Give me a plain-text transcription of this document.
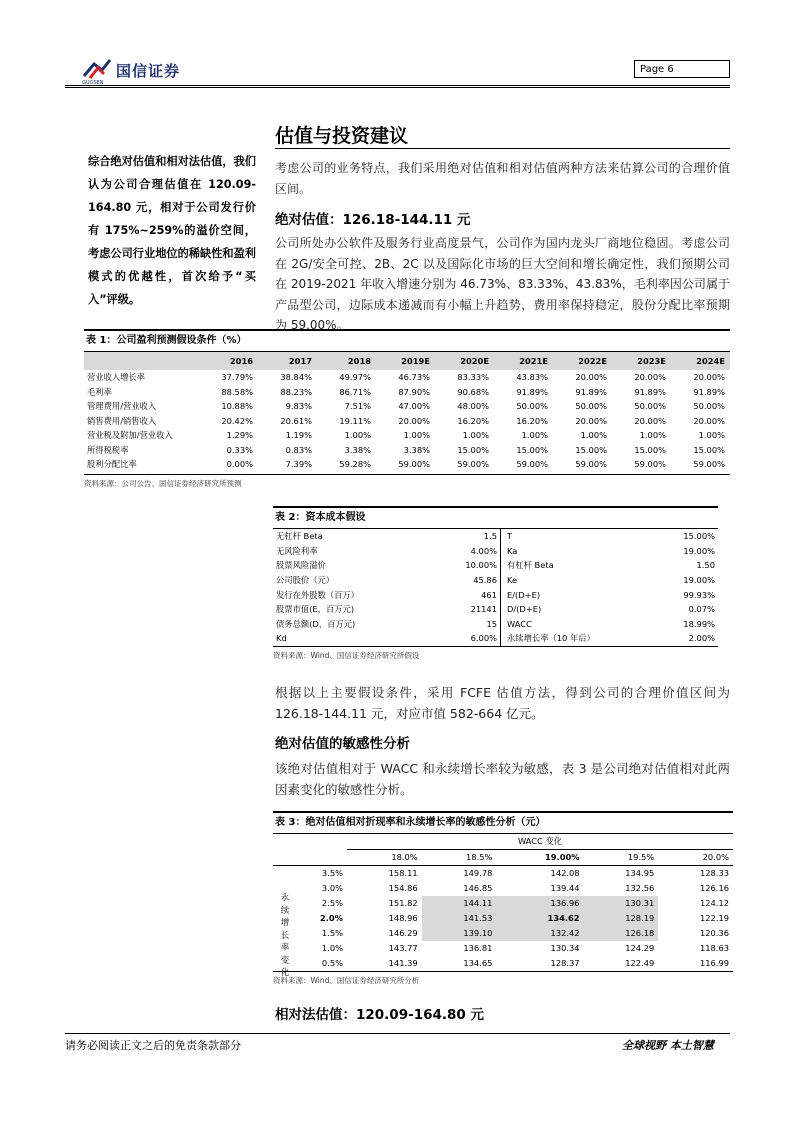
国信证券
GUOSEN
Page 6
综合绝对估值和相对法估值，我们认为公司合理估值在 120.09-164.80 元，相对于公司发行价有 175%~259%的溢价空间，考虑公司行业地位的稀缺性和盈利模式的优越性，首次给予“买入”评级。
估值与投资建议
考虑公司的业务特点，我们采用绝对估值和相对估值两种方法来估算公司的合理价值区间。
绝对估值：126.18-144.11 元
公司所处办公软件及服务行业高度景气，公司作为国内龙头厂商地位稳固。考虑公司在 2G/安全可控、2B、2C 以及国际化市场的巨大空间和增长确定性，我们预期公司在 2019-2021 年收入增速分别为 46.73%、83.33%、43.83%，毛利率因公司属于产品型公司，边际成本递减而有小幅上升趋势，费用率保持稳定，股份分配比率预期为 59.00%。
表 1：公司盈利预测假设条件（%）
	2016	2017	2018	2019E	2020E	2021E	2022E	2023E	2024E
营业收入增长率	37.79%	38.84%	49.97%	46.73%	83.33%	43.83%	20.00%	20.00%	20.00%
毛利率	88.58%	88.23%	86.71%	87.90%	90.68%	91.89%	91.89%	91.89%	91.89%
管理费用/营业收入	10.88%	9.83%	7.51%	47.00%	48.00%	50.00%	50.00%	50.00%	50.00%
销售费用/销售收入	20.42%	20.61%	19.11%	20.00%	16.20%	16.20%	20.00%	20.00%	20.00%
营业税及附加/营业收入	1.29%	1.19%	1.00%	1.00%	1.00%	1.00%	1.00%	1.00%	1.00%
所得税税率	0.33%	0.83%	3.38%	3.38%	15.00%	15.00%	15.00%	15.00%	15.00%
股利分配比率	0.00%	7.39%	59.28%	59.00%	59.00%	59.00%	59.00%	59.00%	59.00%
资料来源：公司公告、国信证券经济研究所预测
表 2：资本成本假设
无杠杆 Beta	1.5	T	15.00%
无风险利率	4.00%	Ka	19.00%
股票风险溢价	10.00%	有杠杆 Beta	1.50
公司股价（元）	45.86	Ke	19.00%
发行在外股数（百万）	461	E/(D+E)	99.93%
股票市值(E，百万元)	21141	D/(D+E)	0.07%
债务总额(D，百万元)	15	WACC	18.99%
Kd	6.00%	永续增长率（10 年后）	2.00%
资料来源：Wind、国信证券经济研究所假设
根据以上主要假设条件，采用 FCFE 估值方法，得到公司的合理价值区间为 126.18-144.11 元，对应市值 582-664 亿元。
绝对估值的敏感性分析
该绝对估值相对于 WACC 和永续增长率较为敏感，表 3 是公司绝对估值相对此两因素变化的敏感性分析。
表 3：绝对估值相对折现率和永续增长率的敏感性分析（元）
	WACC 变化				
	18.0%	18.5%	19.00%	19.5%	20.0%
3.5%	158.11	149.78	142.08	134.95	128.33
3.0%	154.86	146.85	139.44	132.56	126.16
2.5%	151.82	144.11	136.96	130.31	124.12
2.0%	148.96	141.53	134.62	128.19	122.19
1.5%	146.29	139.10	132.42	126.18	120.36
1.0%	143.77	136.81	130.34	124.29	118.63
0.5%	141.39	134.65	128.37	122.49	116.99
永
续
增
长
率
变
化
资料来源：Wind、国信证券经济研究所分析
相对法估值：120.09-164.80 元
请务必阅读正文之后的免责条款部分	全球视野 本土智慧
